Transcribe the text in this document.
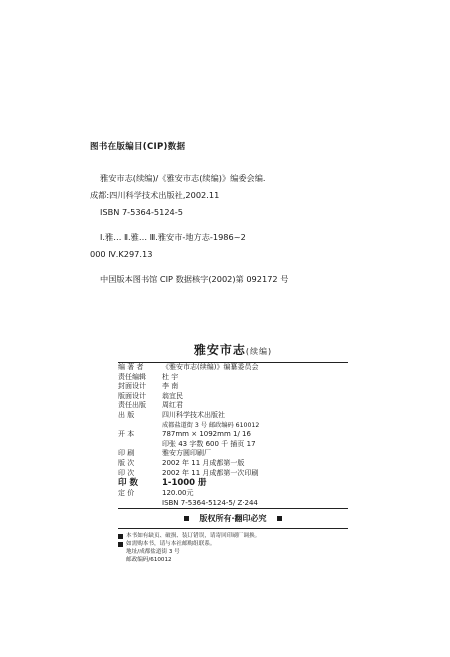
图书在版编目(CIP)数据
雅安市志(续编)/《雅安市志(续编)》编委会编.
成都:四川科学技术出版社,2002.11
ISBN 7-5364-5124-5
Ⅰ.雅… Ⅱ.雅… Ⅲ.雅安市-地方志-1986~2
000 Ⅳ.K297.13
中国版本图书馆 CIP 数据核字(2002)第 092172 号
雅安市志(续编)
编 著 者	《雅安市志(续编)》编纂委员会
责任编辑	杜 宇
封面设计	李 南
版面设计	翁宜民
责任出版	周红君
出 版	四川科学技术出版社
成都盐道街 3 号 邮政编码 610012
开 本	787mm × 1092mm 1/ 16
印张 43 字数 600 千 插页 17
印 刷	雅安方圆印刷厂
版 次	2002 年 11 月成都第一版
印 次	2002 年 11 月成都第一次印刷
印 数	1-1000 册
定 价	120.00元
ISBN 7-5364-5124-5/ Z·244
版权所有·翻印必究
本书如有缺页、破损、装订错误，请寄回印刷厂调换。
如需购本书，请与本社邮购组联系。
地址/成都盐道街 3 号
邮政编码/610012
